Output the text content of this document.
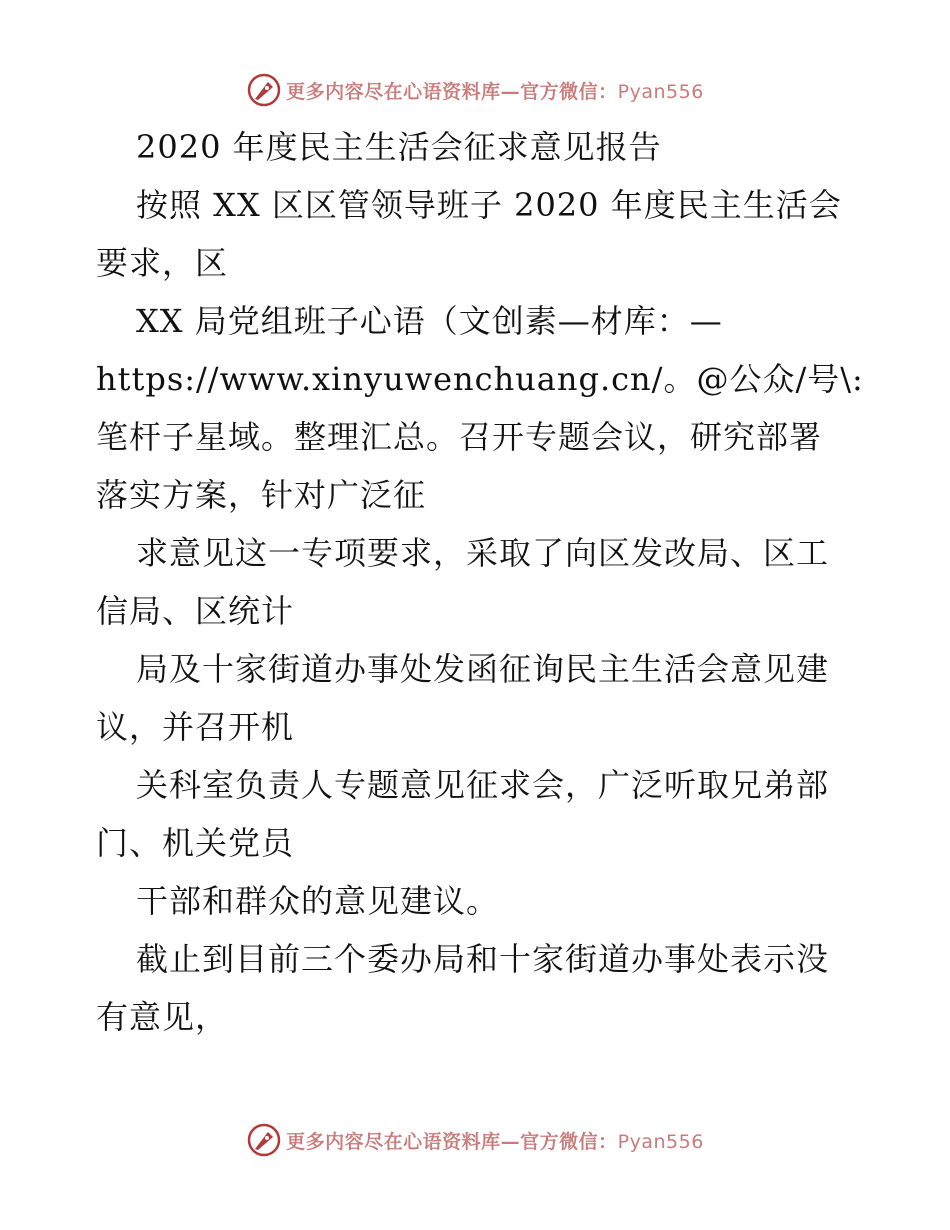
更多内容尽在心语资料库—官方微信：Pyan556
2020 年度民主生活会征求意见报告
按照 XX 区区管领导班子 2020 年度民主生活会
要求，区
XX 局党组班子心语（文创素—材库：—
https://www.xinyuwenchuang.cn/。@公众/号\:
笔杆子星域。整理汇总。召开专题会议，研究部署
落实方案，针对广泛征
求意见这一专项要求，采取了向区发改局、区工
信局、区统计
局及十家街道办事处发函征询民主生活会意见建
议，并召开机
关科室负责人专题意见征求会，广泛听取兄弟部
门、机关党员
干部和群众的意见建议。
截止到目前三个委办局和十家街道办事处表示没
有意见，
更多内容尽在心语资料库—官方微信：Pyan556
